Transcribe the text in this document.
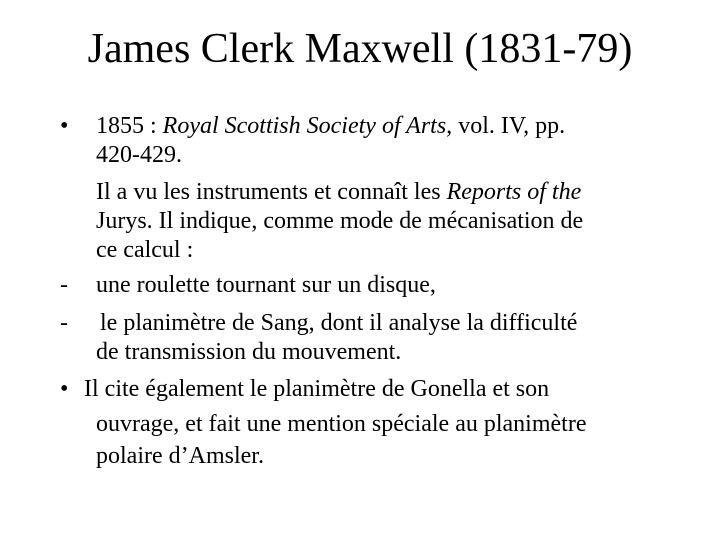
James Clerk Maxwell (1831-79)
• 1855 : Royal Scottish Society of Arts, vol. IV, pp.
420-429.
Il a vu les instruments et connaît les Reports of the
Jurys. Il indique, comme mode de mécanisation de
ce calcul :
- une roulette tournant sur un disque,
- le planimètre de Sang, dont il analyse la difficulté
de transmission du mouvement.
• Il cite également le planimètre de Gonella et son
ouvrage, et fait une mention spéciale au planimètre
polaire d’Amsler.
